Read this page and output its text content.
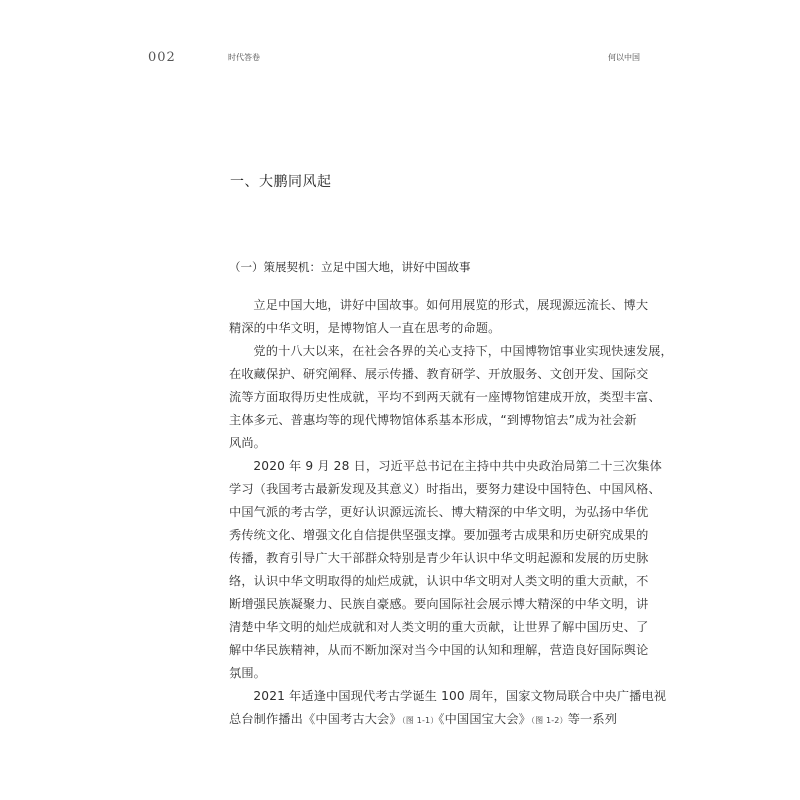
002	时代答卷	何以中国
一、大鹏同风起
（一）策展契机：立足中国大地，讲好中国故事
立足中国大地，讲好中国故事。如何用展览的形式，展现源远流长、博大
精深的中华文明，是博物馆人一直在思考的命题。
党的十八大以来，在社会各界的关心支持下，中国博物馆事业实现快速发展，
在收藏保护、研究阐释、展示传播、教育研学、开放服务、文创开发、国际交
流等方面取得历史性成就，平均不到两天就有一座博物馆建成开放，类型丰富、
主体多元、普惠均等的现代博物馆体系基本形成，“到博物馆去”成为社会新
风尚。
2020 年 9 月 28 日，习近平总书记在主持中共中央政治局第二十三次集体
学习（我国考古最新发现及其意义）时指出，要努力建设中国特色、中国风格、
中国气派的考古学，更好认识源远流长、博大精深的中华文明，为弘扬中华优
秀传统文化、增强文化自信提供坚强支撑。要加强考古成果和历史研究成果的
传播，教育引导广大干部群众特别是青少年认识中华文明起源和发展的历史脉
络，认识中华文明取得的灿烂成就，认识中华文明对人类文明的重大贡献，不
断增强民族凝聚力、民族自豪感。要向国际社会展示博大精深的中华文明，讲
清楚中华文明的灿烂成就和对人类文明的重大贡献，让世界了解中国历史、了
解中华民族精神，从而不断加深对当今中国的认知和理解，营造良好国际舆论
氛围。
2021 年适逢中国现代考古学诞生 100 周年，国家文物局联合中央广播电视
总台制作播出《中国考古大会》（图 1-1）《中国国宝大会》（图 1-2）等一系列
